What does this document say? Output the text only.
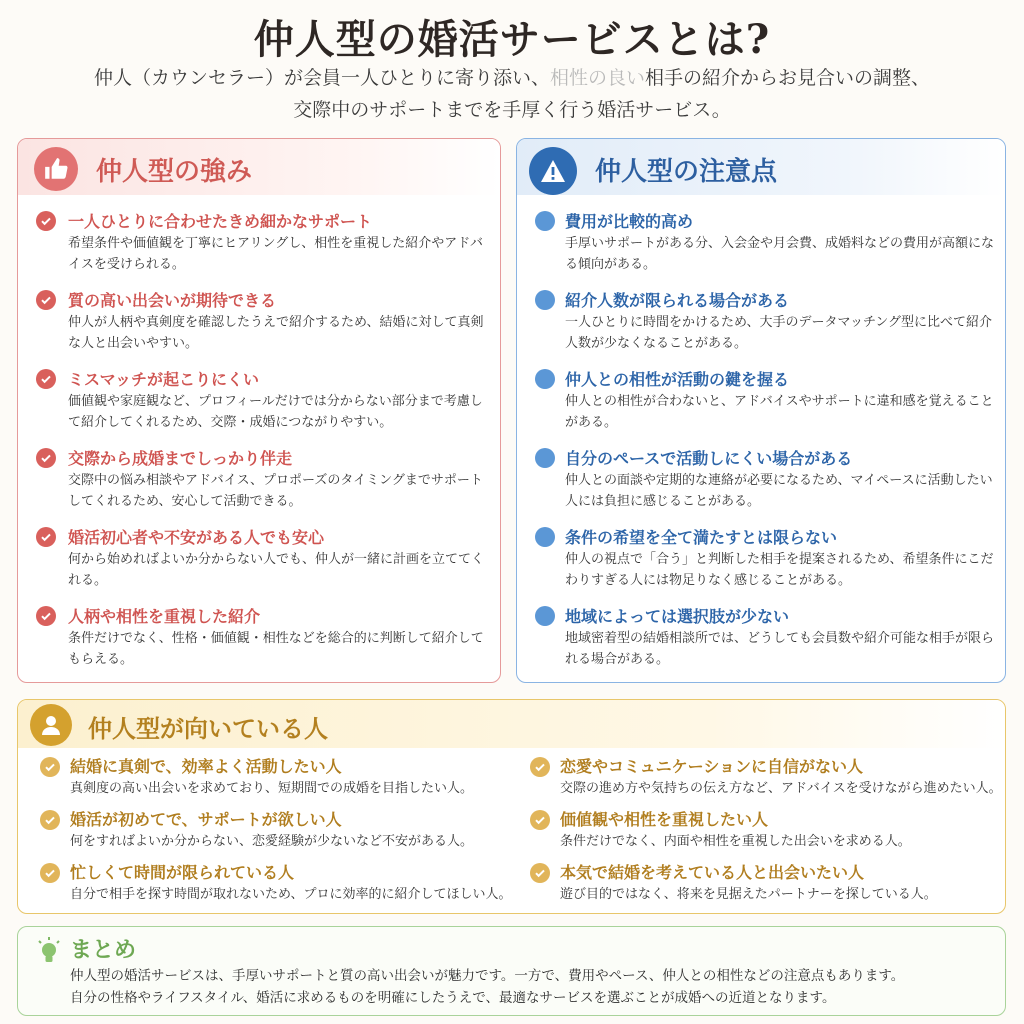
仲人型の婚活サービスとは?
仲人（カウンセラー）が会員一人ひとりに寄り添い、相性の良い相手の紹介からお見合いの調整、
交際中のサポートまでを手厚く行う婚活サービス。
仲人型の強み
一人ひとりに合わせたきめ細かなサポート
希望条件や価値観を丁寧にヒアリングし、相性を重視した紹介やアドバイスを受けられる。
質の高い出会いが期待できる
仲人が人柄や真剣度を確認したうえで紹介するため、結婚に対して真剣な人と出会いやすい。
ミスマッチが起こりにくい
価値観や家庭観など、プロフィールだけでは分からない部分まで考慮して紹介してくれるため、交際・成婚につながりやすい。
交際から成婚までしっかり伴走
交際中の悩み相談やアドバイス、プロポーズのタイミングまでサポートしてくれるため、安心して活動できる。
婚活初心者や不安がある人でも安心
何から始めればよいか分からない人でも、仲人が一緒に計画を立ててくれる。
人柄や相性を重視した紹介
条件だけでなく、性格・価値観・相性などを総合的に判断して紹介してもらえる。
仲人型の注意点
費用が比較的高め
手厚いサポートがある分、入会金や月会費、成婚料などの費用が高額になる傾向がある。
紹介人数が限られる場合がある
一人ひとりに時間をかけるため、大手のデータマッチング型に比べて紹介人数が少なくなることがある。
仲人との相性が活動の鍵を握る
仲人との相性が合わないと、アドバイスやサポートに違和感を覚えることがある。
自分のペースで活動しにくい場合がある
仲人との面談や定期的な連絡が必要になるため、マイペースに活動したい人には負担に感じることがある。
条件の希望を全て満たすとは限らない
仲人の視点で「合う」と判断した相手を提案されるため、希望条件にこだわりすぎる人には物足りなく感じることがある。
地域によっては選択肢が少ない
地域密着型の結婚相談所では、どうしても会員数や紹介可能な相手が限られる場合がある。
仲人型が向いている人
結婚に真剣で、効率よく活動したい人
真剣度の高い出会いを求めており、短期間での成婚を目指したい人。
婚活が初めてで、サポートが欲しい人
何をすればよいか分からない、恋愛経験が少ないなど不安がある人。
忙しくて時間が限られている人
自分で相手を探す時間が取れないため、プロに効率的に紹介してほしい人。
恋愛やコミュニケーションに自信がない人
交際の進め方や気持ちの伝え方など、アドバイスを受けながら進めたい人。
価値観や相性を重視したい人
条件だけでなく、内面や相性を重視した出会いを求める人。
本気で結婚を考えている人と出会いたい人
遊び目的ではなく、将来を見据えたパートナーを探している人。
まとめ
仲人型の婚活サービスは、手厚いサポートと質の高い出会いが魅力です。一方で、費用やペース、仲人との相性などの注意点もあります。
自分の性格やライフスタイル、婚活に求めるものを明確にしたうえで、最適なサービスを選ぶことが成婚への近道となります。
